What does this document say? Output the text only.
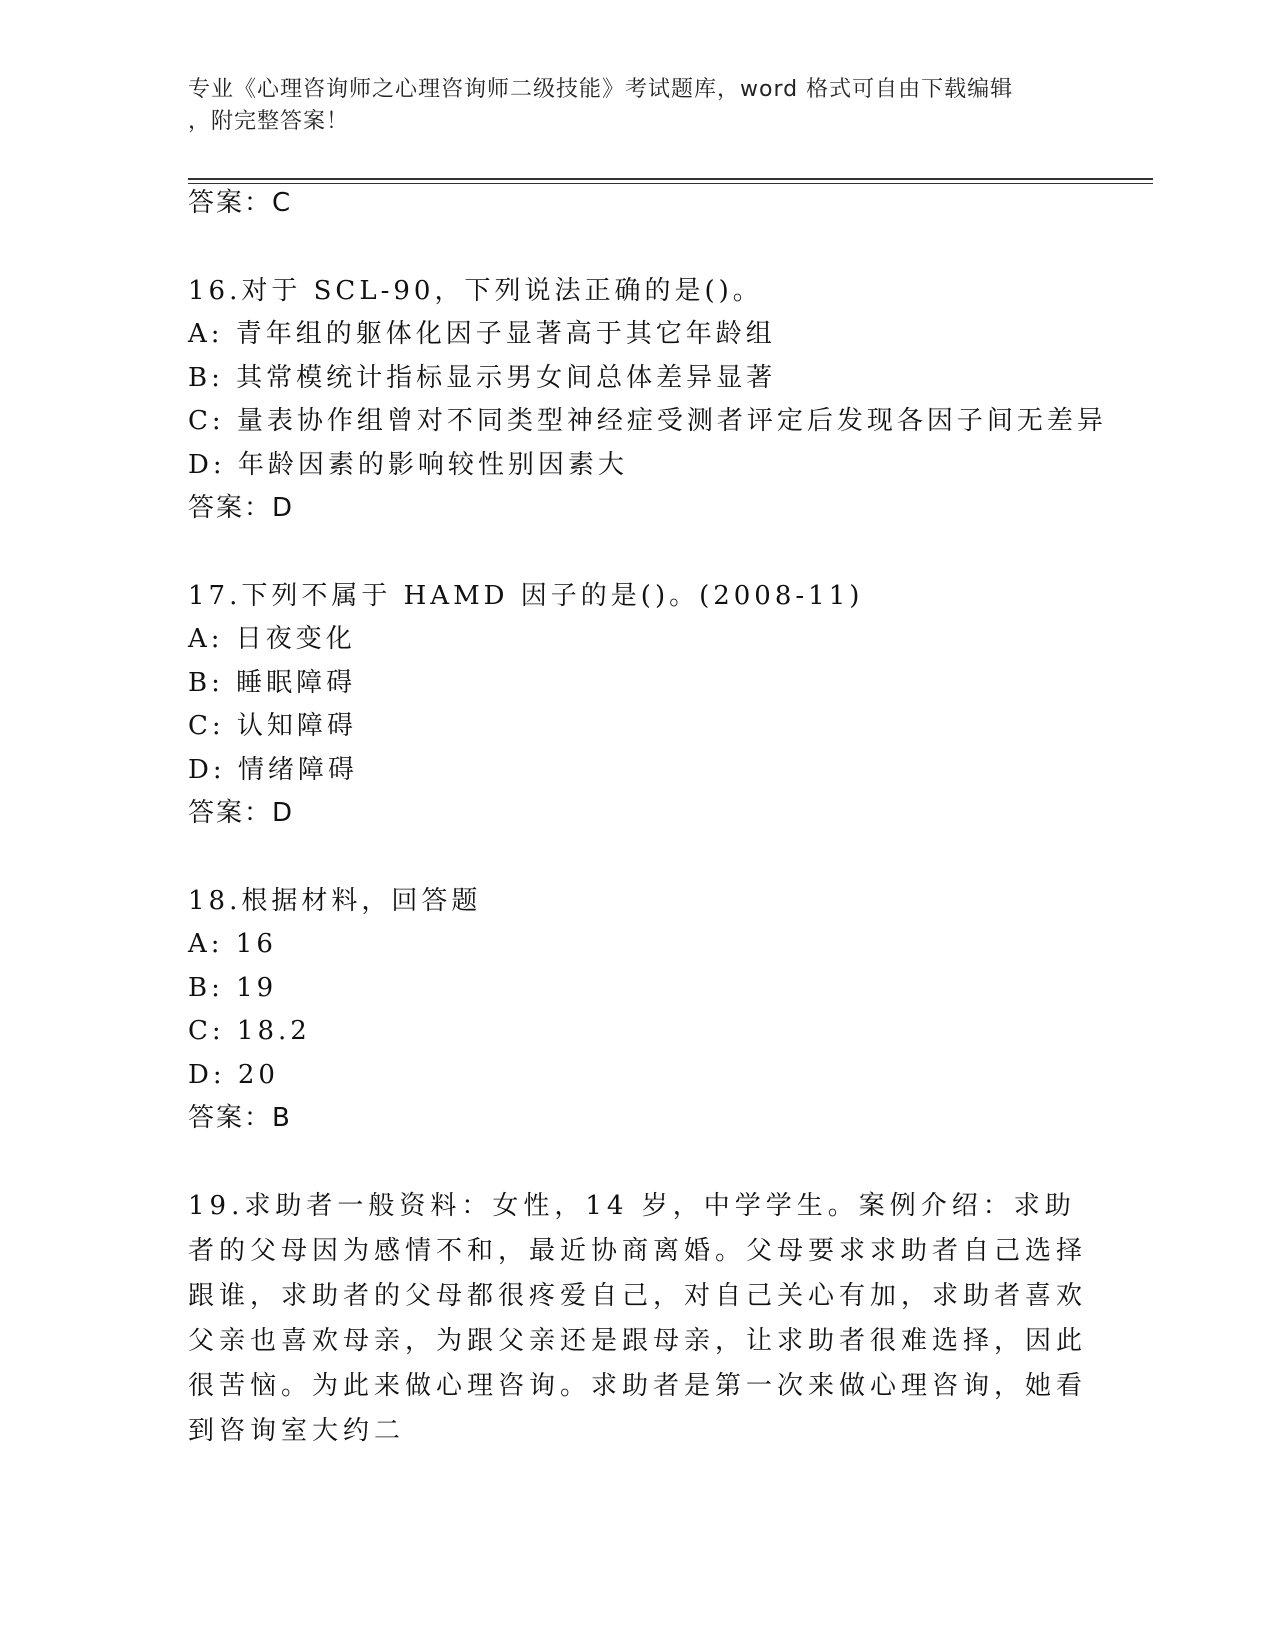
专业《心理咨询师之心理咨询师二级技能》考试题库，word 格式可自由下载编辑
，附完整答案！
答案：C
16.对于 SCL-90，下列说法正确的是()。
A: 青年组的躯体化因子显著高于其它年龄组
B: 其常模统计指标显示男女间总体差异显著
C: 量表协作组曾对不同类型神经症受测者评定后发现各因子间无差异
D: 年龄因素的影响较性别因素大
答案：D
17.下列不属于 HAMD 因子的是()。(2008-11)
A: 日夜变化
B: 睡眠障碍
C: 认知障碍
D: 情绪障碍
答案：D
18.根据材料，回答题
A: 16
B: 19
C: 18.2
D: 20
答案：B
19.求助者一般资料：女性，14 岁，中学学生。案例介绍：求助者的父母因为感情不和，最近协商离婚。父母要求求助者自己选择跟谁，求助者的父母都很疼爱自己，对自己关心有加，求助者喜欢父亲也喜欢母亲，为跟父亲还是跟母亲，让求助者很难选择，因此很苦恼。为此来做心理咨询。求助者是第一次来做心理咨询，她看到咨询室大约二
